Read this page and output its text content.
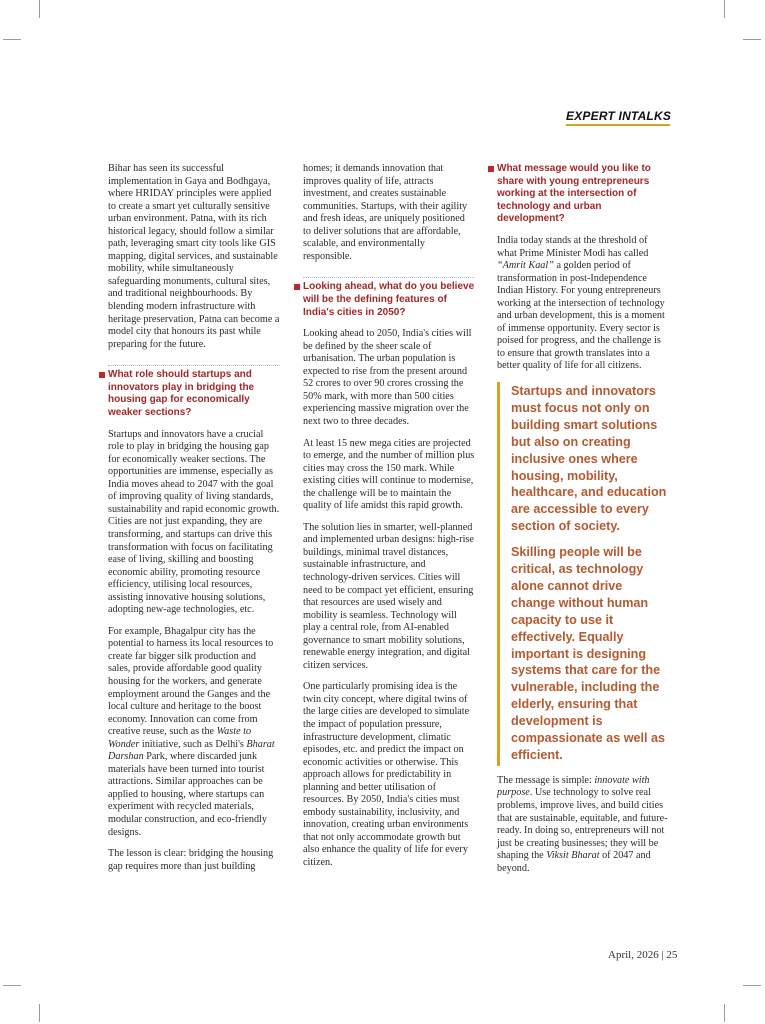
EXPERT INTALKS

Bihar has seen its successful implementation in Gaya and Bodhgaya, where HRIDAY principles were applied to create a smart yet culturally sensitive urban environment. Patna, with its rich historical legacy, should follow a similar path, leveraging smart city tools like GIS mapping, digital services, and sustainable mobility, while simultaneously safeguarding monuments, cultural sites, and traditional neighbourhoods. By blending modern infrastructure with heritage preservation, Patna can become a model city that honours its past while preparing for the future.

What role should startups and innovators play in bridging the housing gap for economically weaker sections?

Startups and innovators have a crucial role to play in bridging the housing gap for economically weaker sections. The opportunities are immense, especially as India moves ahead to 2047 with the goal of improving quality of living standards, sustainability and rapid economic growth. Cities are not just expanding, they are transforming, and startups can drive this transformation with focus on facilitating ease of living, skilling and boosting economic ability, promoting resource efficiency, utilising local resources, assisting innovative housing solutions, adopting new-age technologies, etc.

For example, Bhagalpur city has the potential to harness its local resources to create far bigger silk production and sales, provide affordable good quality housing for the workers, and generate employment around the Ganges and the local culture and heritage to the boost economy. Innovation can come from creative reuse, such as the Waste to Wonder initiative, such as Delhi's Bharat Darshan Park, where discarded junk materials have been turned into tourist attractions. Similar approaches can be applied to housing, where startups can experiment with recycled materials, modular construction, and eco-friendly designs.

The lesson is clear: bridging the housing gap requires more than just building

homes; it demands innovation that improves quality of life, attracts investment, and creates sustainable communities. Startups, with their agility and fresh ideas, are uniquely positioned to deliver solutions that are affordable, scalable, and environmentally responsible.

Looking ahead, what do you believe will be the defining features of India's cities in 2050?

Looking ahead to 2050, India's cities will be defined by the sheer scale of urbanisation. The urban population is expected to rise from the present around 52 crores to over 90 crores crossing the 50% mark, with more than 500 cities experiencing massive migration over the next two to three decades.

At least 15 new mega cities are projected to emerge, and the number of million plus cities may cross the 150 mark. While existing cities will continue to modernise, the challenge will be to maintain the quality of life amidst this rapid growth.

The solution lies in smarter, well-planned and implemented urban designs: high-rise buildings, minimal travel distances, sustainable infrastructure, and technology-driven services. Cities will need to be compact yet efficient, ensuring that resources are used wisely and mobility is seamless. Technology will play a central role, from AI-enabled governance to smart mobility solutions, renewable energy integration, and digital citizen services.

One particularly promising idea is the twin city concept, where digital twins of the large cities are developed to simulate the impact of population pressure, infrastructure development, climatic episodes, etc. and predict the impact on economic activities or otherwise. This approach allows for predictability in planning and better utilisation of resources. By 2050, India's cities must embody sustainability, inclusivity, and innovation, creating urban environments that not only accommodate growth but also enhance the quality of life for every citizen.

What message would you like to share with young entrepreneurs working at the intersection of technology and urban development?

India today stands at the threshold of what Prime Minister Modi has called “Amrit Kaal” a golden period of transformation in post-Independence Indian History. For young entrepreneurs working at the intersection of technology and urban development, this is a moment of immense opportunity. Every sector is poised for progress, and the challenge is to ensure that growth translates into a better quality of life for all citizens.

Startups and innovators must focus not only on building smart solutions but also on creating inclusive ones where housing, mobility, healthcare, and education are accessible to every section of society.

Skilling people will be critical, as technology alone cannot drive change without human capacity to use it effectively. Equally important is designing systems that care for the vulnerable, including the elderly, ensuring that development is compassionate as well as efficient.

The message is simple: innovate with purpose. Use technology to solve real problems, improve lives, and build cities that are sustainable, equitable, and future-ready. In doing so, entrepreneurs will not just be creating businesses; they will be shaping the Viksit Bharat of 2047 and beyond.

April, 2026 | 25
